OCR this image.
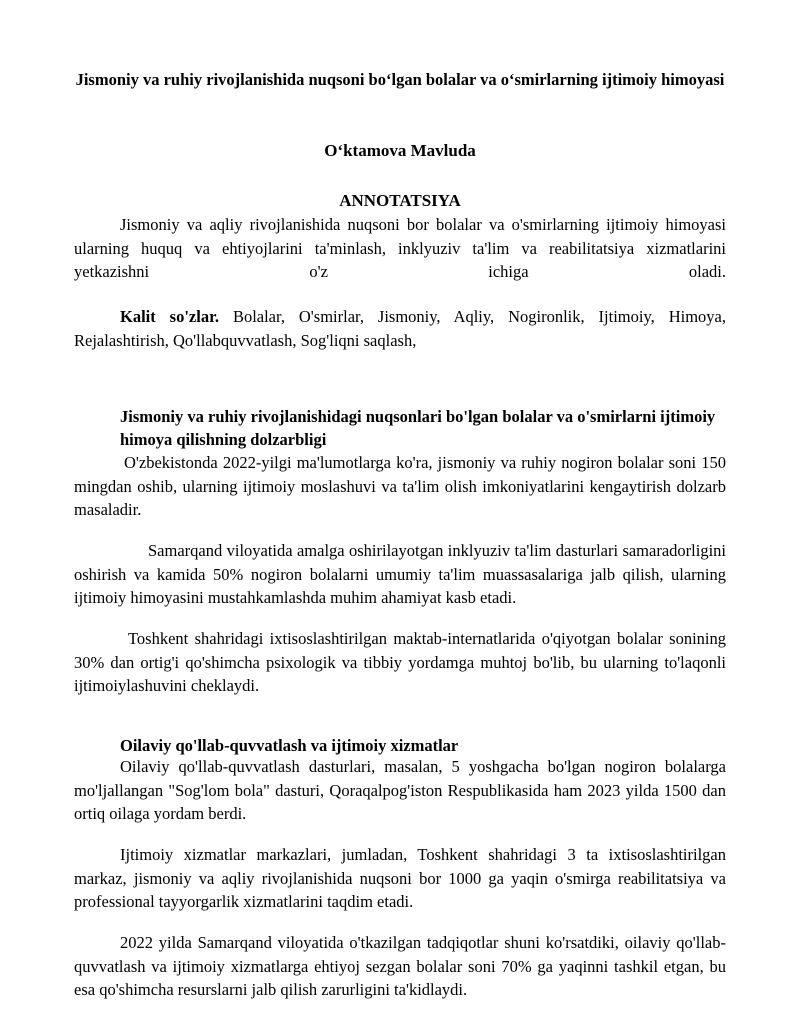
Jismoniy va ruhiy rivojlanishida nuqsoni bo‘lgan bolalar va o‘smirlarning ijtimoiy himoyasi
O‘ktamova Mavluda
ANNOTATSIYA

Jismoniy va aqliy rivojlanishida nuqsoni bor bolalar va o'smirlarning ijtimoiy himoyasi ularning huquq va ehtiyojlarini ta'minlash, inklyuziv ta'lim va reabilitatsiya xizmatlarini yetkazishni o'z ichiga oladi.

Kalit so'zlar. Bolalar, O'smirlar, Jismoniy, Aqliy, Nogironlik, Ijtimoiy, Himoya, Rejalashtirish, Qo'llabquvvatlash, Sog'liqni saqlash,

Jismoniy va ruhiy rivojlanishidagi nuqsonlari bo'lgan bolalar va o'smirlarni ijtimoiy himoya qilishning dolzarbligi

O'zbekistonda 2022-yilgi ma'lumotlarga ko'ra, jismoniy va ruhiy nogiron bolalar soni 150 mingdan oshib, ularning ijtimoiy moslashuvi va ta'lim olish imkoniyatlarini kengaytirish dolzarb masaladir.

Samarqand viloyatida amalga oshirilayotgan inklyuziv ta'lim dasturlari samaradorligini oshirish va kamida 50% nogiron bolalarni umumiy ta'lim muassasalariga jalb qilish, ularning ijtimoiy himoyasini mustahkamlashda muhim ahamiyat kasb etadi.

Toshkent shahridagi ixtisoslashtirilgan maktab-internatlarida o'qiyotgan bolalar sonining 30% dan ortig'i qo'shimcha psixologik va tibbiy yordamga muhtoj bo'lib, bu ularning to'laqonli ijtimoiylashuvini cheklaydi.

Oilaviy qo'llab-quvvatlash va ijtimoiy xizmatlar

Oilaviy qo'llab-quvvatlash dasturlari, masalan, 5 yoshgacha bo'lgan nogiron bolalarga mo'ljallangan "Sog'lom bola" dasturi, Qoraqalpog'iston Respublikasida ham 2023 yilda 1500 dan ortiq oilaga yordam berdi.

Ijtimoiy xizmatlar markazlari, jumladan, Toshkent shahridagi 3 ta ixtisoslashtirilgan markaz, jismoniy va aqliy rivojlanishida nuqsoni bor 1000 ga yaqin o'smirga reabilitatsiya va professional tayyorgarlik xizmatlarini taqdim etadi.

2022 yilda Samarqand viloyatida o'tkazilgan tadqiqotlar shuni ko'rsatdiki, oilaviy qo'llab-quvvatlash va ijtimoiy xizmatlarga ehtiyoj sezgan bolalar soni 70% ga yaqinni tashkil etgan, bu esa qo'shimcha resurslarni jalb qilish zarurligini ta'kidlaydi.
